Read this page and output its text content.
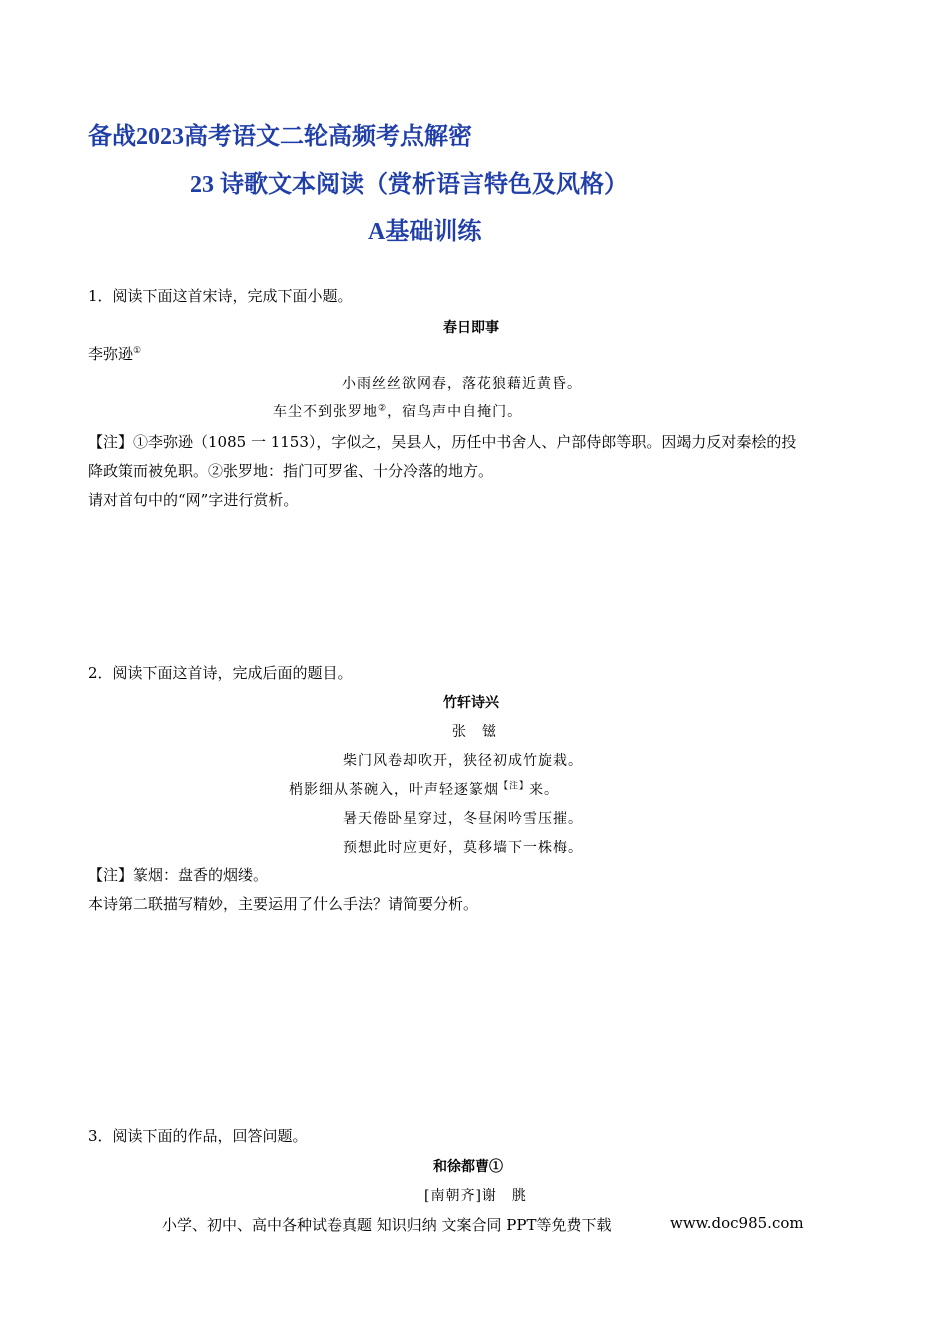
备战2023高考语文二轮高频考点解密
23 诗歌文本阅读（赏析语言特色及风格）
A基础训练
1．阅读下面这首宋诗，完成下面小题。
春日即事
李弥逊①
小雨丝丝欲网春，落花狼藉近黄昏。
车尘不到张罗地②，宿鸟声中自掩门。
【注】①李弥逊（1085 一 1153），字似之，吴县人，历任中书舍人、户部侍郎等职。因竭力反对秦桧的投
降政策而被免职。②张罗地：指门可罗雀、十分冷落的地方。
请对首句中的“网”字进行赏析。
2．阅读下面这首诗，完成后面的题目。
竹轩诗兴
张　镃
柴门风卷却吹开，狭径初成竹旋栽。
梢影细从茶碗入，叶声轻逐篆烟$^{【注】}$来。
暑天倦卧星穿过，冬昼闲吟雪压摧。
预想此时应更好，莫移墙下一株梅。
【注】篆烟：盘香的烟缕。
本诗第二联描写精妙，主要运用了什么手法？请简要分析。
3．阅读下面的作品，回答问题。
和徐都曹①
[南朝齐]谢　朓
小学、初中、高中各种试卷真题 知识归纳 文案合同 PPT等免费下载	www.doc985.com
